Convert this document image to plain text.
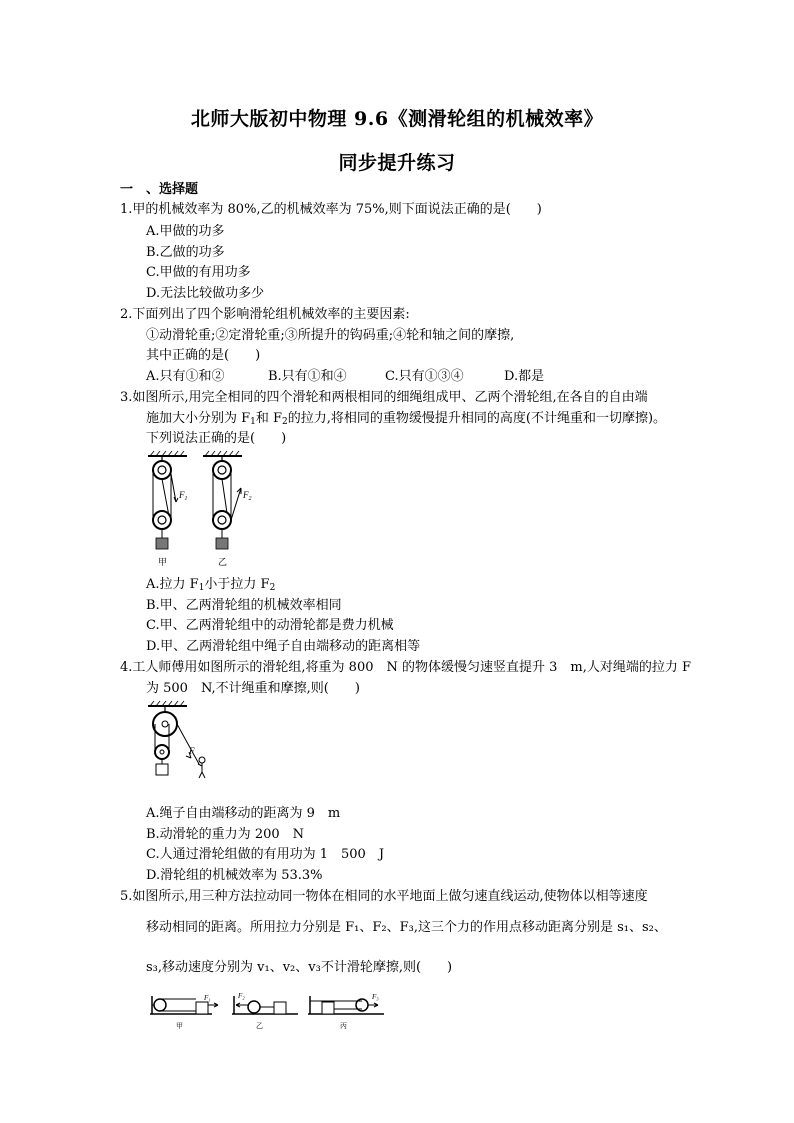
北师大版初中物理 9.6《测滑轮组的机械效率》
同步提升练习
一　、选择题
1.甲的机械效率为 80%,乙的机械效率为 75%,则下面说法正确的是(　　)
A.甲做的功多
B.乙做的功多
C.甲做的有用功多
D.无法比较做功多少
2.下面列出了四个影响滑轮组机械效率的主要因素:
①动滑轮重;②定滑轮重;③所提升的钩码重;④轮和轴之间的摩擦,
其中正确的是(　　)
A.只有①和②	B.只有①和④	C.只有①③④	D.都是
3.如图所示,用完全相同的四个滑轮和两根相同的细绳组成甲、乙两个滑轮组,在各自的自由端
施加大小分别为 $F_1$和 $F_2$的拉力,将相同的重物缓慢提升相同的高度(不计绳重和一切摩擦)。
下列说法正确的是(　　)
$F_1$	$F_2$
甲	乙
A.拉力 $F_1$小于拉力 $F_2$
B.甲、乙两滑轮组的机械效率相同
C.甲、乙两滑轮组中的动滑轮都是费力机械
D.甲、乙两滑轮组中绳子自由端移动的距离相等
4.工人师傅用如图所示的滑轮组,将重为 800　N 的物体缓慢匀速竖直提升 3　m,人对绳端的拉力 F
为 500　N,不计绳重和摩擦,则(　　)
F
A.绳子自由端移动的距离为 9　m
B.动滑轮的重力为 200　N
C.人通过滑轮组做的有用功为 1　500　J
D.滑轮组的机械效率为 53.3%
5.如图所示,用三种方法拉动同一物体在相同的水平地面上做匀速直线运动,使物体以相等速度
移动相同的距离。所用拉力分别是 F₁、F₂、F₃,这三个力的作用点移动距离分别是 s₁、s₂、
s₃,移动速度分别为 v₁、v₂、v₃不计滑轮摩擦,则(　　)
F₁	F₂	F₃
甲	乙	丙
